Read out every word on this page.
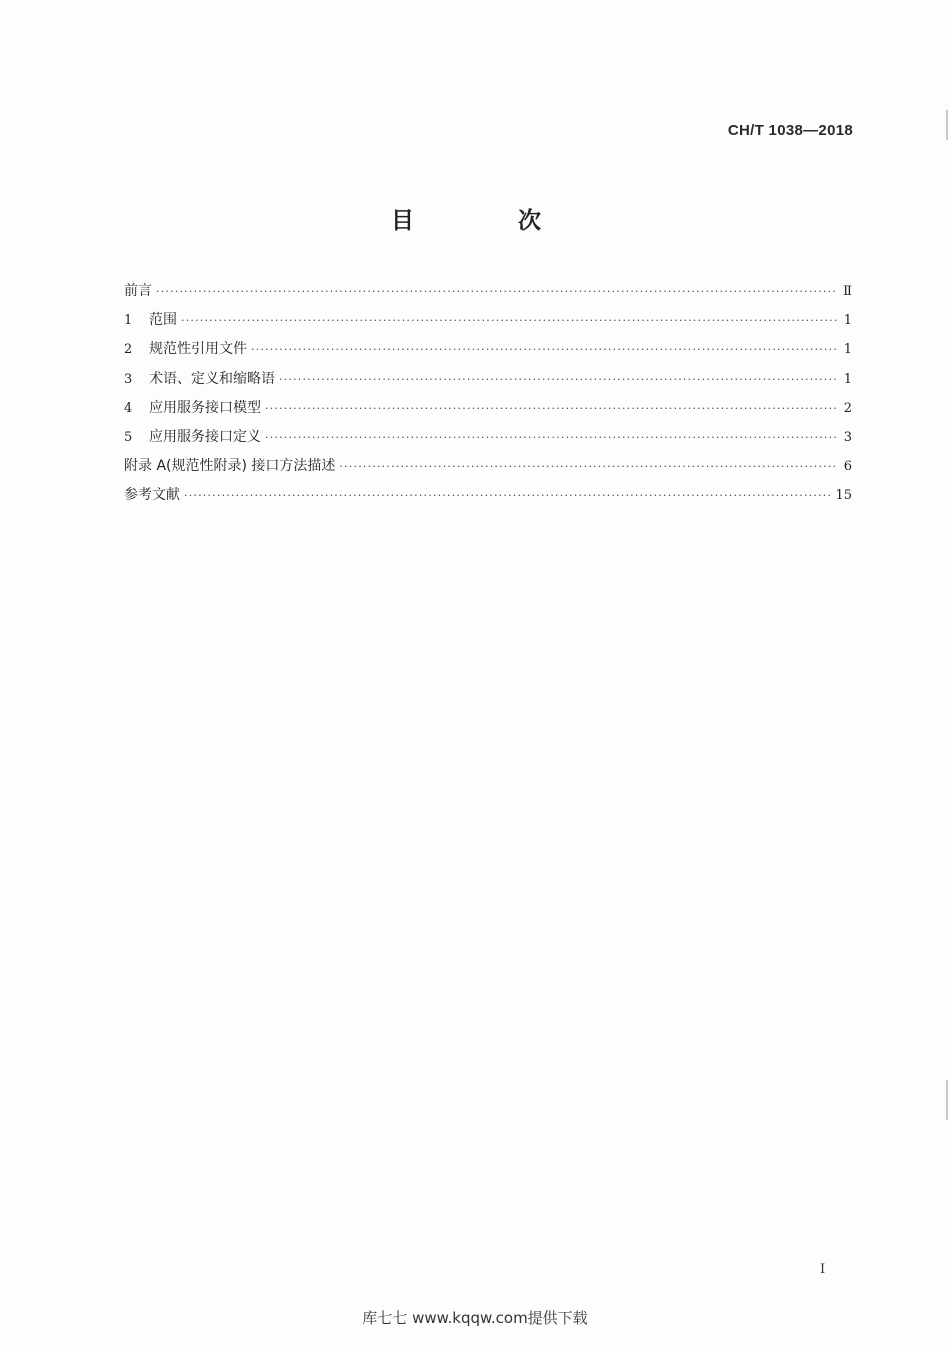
CH/T 1038—2018
目 次
前言 ·····	Ⅱ
1 范围 ·····	1
2 规范性引用文件 ·····	1
3 术语、定义和缩略语 ·····	1
4 应用服务接口模型 ·····	2
5 应用服务接口定义 ·····	3
附录 A(规范性附录) 接口方法描述 ·····	6
参考文献 ·····	15
I
库七七 www.kqqw.com提供下载
